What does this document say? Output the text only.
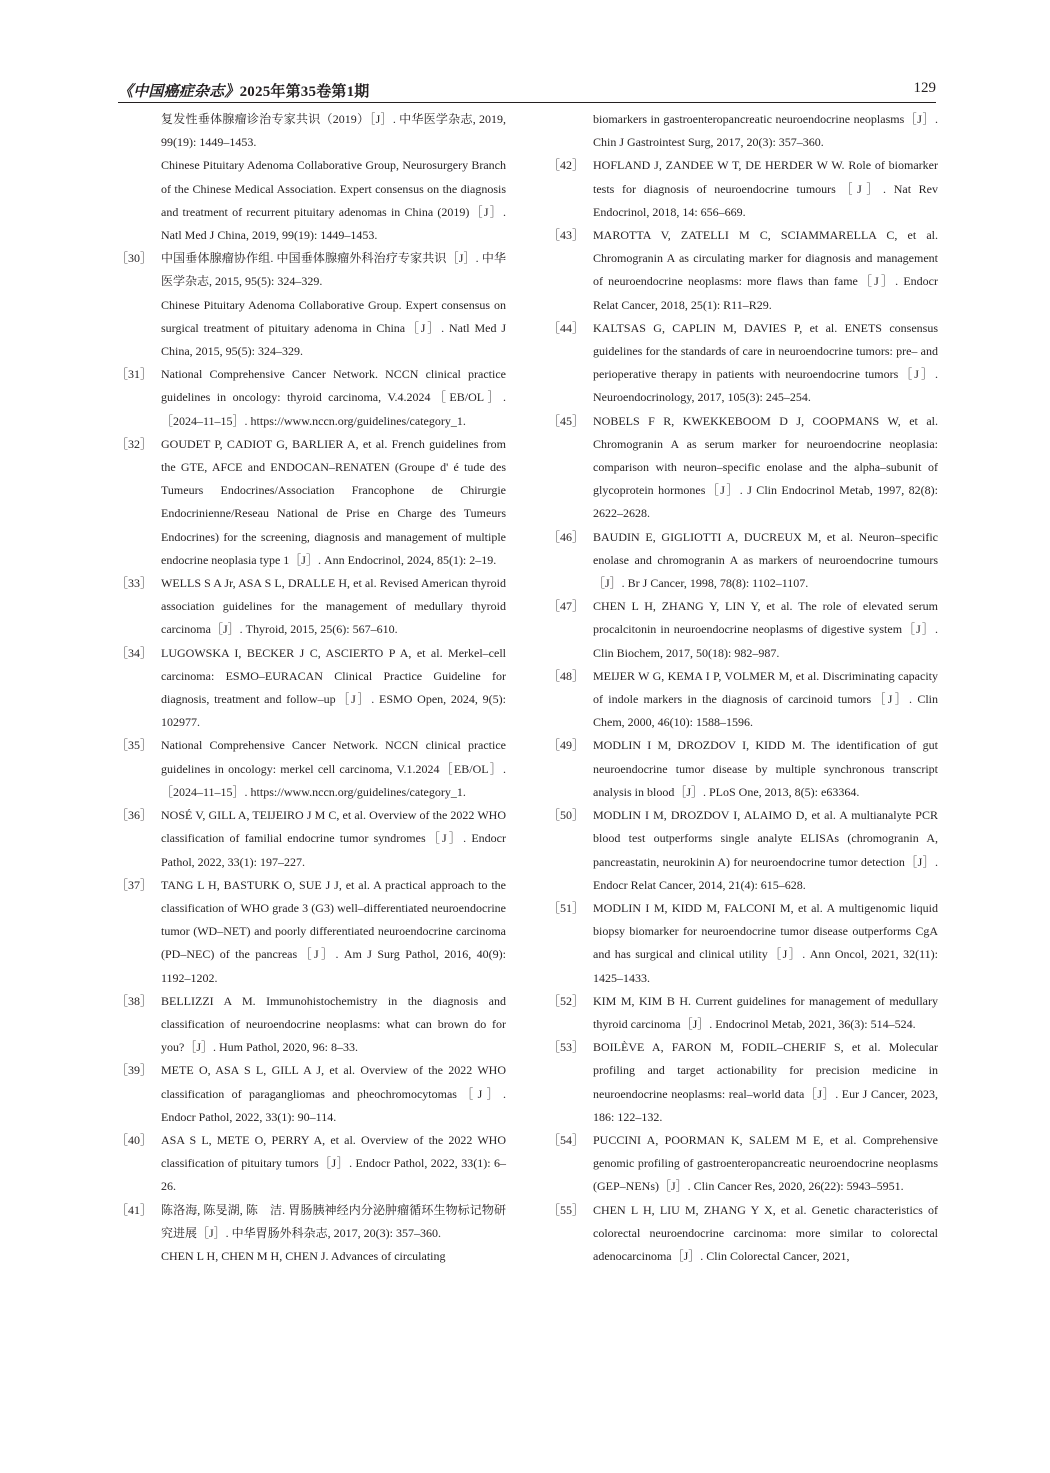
《中国癌症杂志》2025年第35卷第1期	129

复发性垂体腺瘤诊治专家共识（2019）［J］. 中华医学杂志, 2019, 99(19): 1449–1453.

Chinese Pituitary Adenoma Collaborative Group, Neurosurgery Branch of the Chinese Medical Association. Expert consensus on the diagnosis and treatment of recurrent pituitary adenomas in China (2019)［J］. Natl Med J China, 2019, 99(19): 1449–1453.

［30］ 中国垂体腺瘤协作组. 中国垂体腺瘤外科治疗专家共识［J］. 中华医学杂志, 2015, 95(5): 324–329.

Chinese Pituitary Adenoma Collaborative Group. Expert consensus on surgical treatment of pituitary adenoma in China［J］. Natl Med J China, 2015, 95(5): 324–329.

［31］ National Comprehensive Cancer Network. NCCN clinical practice guidelines in oncology: thyroid carcinoma, V.4.2024［EB/OL］.［2024–11–15］. https://www.nccn.org/guidelines/category_1.

［32］ GOUDET P, CADIOT G, BARLIER A, et al. French guidelines from the GTE, AFCE and ENDOCAN–RENATEN (Groupe d' é tude des Tumeurs Endocrines/Association Francophone de Chirurgie Endocrinienne/Reseau National de Prise en Charge des Tumeurs Endocrines) for the screening, diagnosis and management of multiple endocrine neoplasia type 1［J］. Ann Endocrinol, 2024, 85(1): 2–19.

［33］ WELLS S A Jr, ASA S L, DRALLE H, et al. Revised American thyroid association guidelines for the management of medullary thyroid carcinoma［J］. Thyroid, 2015, 25(6): 567–610.

［34］ LUGOWSKA I, BECKER J C, ASCIERTO P A, et al. Merkel–cell carcinoma: ESMO–EURACAN Clinical Practice Guideline for diagnosis, treatment and follow–up［J］. ESMO Open, 2024, 9(5): 102977.

［35］ National Comprehensive Cancer Network. NCCN clinical practice guidelines in oncology: merkel cell carcinoma, V.1.2024［EB/OL］.［2024–11–15］. https://www.nccn.org/guidelines/category_1.

［36］ NOSÉ V, GILL A, TEIJEIRO J M C, et al. Overview of the 2022 WHO classification of familial endocrine tumor syndromes［J］. Endocr Pathol, 2022, 33(1): 197–227.

［37］ TANG L H, BASTURK O, SUE J J, et al. A practical approach to the classification of WHO grade 3 (G3) well–differentiated neuroendocrine tumor (WD–NET) and poorly differentiated neuroendocrine carcinoma (PD–NEC) of the pancreas［J］. Am J Surg Pathol, 2016, 40(9): 1192–1202.

［38］ BELLIZZI A M. Immunohistochemistry in the diagnosis and classification of neuroendocrine neoplasms: what can brown do for you?［J］. Hum Pathol, 2020, 96: 8–33.

［39］ METE O, ASA S L, GILL A J, et al. Overview of the 2022 WHO classification of paragangliomas and pheochromocytomas［J］. Endocr Pathol, 2022, 33(1): 90–114.

［40］ ASA S L, METE O, PERRY A, et al. Overview of the 2022 WHO classification of pituitary tumors［J］. Endocr Pathol, 2022, 33(1): 6–26.

［41］ 陈洛海, 陈旻湖, 陈　洁. 胃肠胰神经内分泌肿瘤循环生物标记物研究进展［J］. 中华胃肠外科杂志, 2017, 20(3): 357–360.

CHEN L H, CHEN M H, CHEN J. Advances of circulating

biomarkers in gastroenteropancreatic neuroendocrine neoplasms［J］. Chin J Gastrointest Surg, 2017, 20(3): 357–360.

［42］ HOFLAND J, ZANDEE W T, DE HERDER W W. Role of biomarker tests for diagnosis of neuroendocrine tumours［J］. Nat Rev Endocrinol, 2018, 14: 656–669.

［43］ MAROTTA V, ZATELLI M C, SCIAMMARELLA C, et al. Chromogranin A as circulating marker for diagnosis and management of neuroendocrine neoplasms: more flaws than fame［J］. Endocr Relat Cancer, 2018, 25(1): R11–R29.

［44］ KALTSAS G, CAPLIN M, DAVIES P, et al. ENETS consensus guidelines for the standards of care in neuroendocrine tumors: pre– and perioperative therapy in patients with neuroendocrine tumors［J］. Neuroendocrinology, 2017, 105(3): 245–254.

［45］ NOBELS F R, KWEKKEBOOM D J, COOPMANS W, et al. Chromogranin A as serum marker for neuroendocrine neoplasia: comparison with neuron–specific enolase and the alpha–subunit of glycoprotein hormones［J］. J Clin Endocrinol Metab, 1997, 82(8): 2622–2628.

［46］ BAUDIN E, GIGLIOTTI A, DUCREUX M, et al. Neuron–specific enolase and chromogranin A as markers of neuroendocrine tumours［J］. Br J Cancer, 1998, 78(8): 1102–1107.

［47］ CHEN L H, ZHANG Y, LIN Y, et al. The role of elevated serum procalcitonin in neuroendocrine neoplasms of digestive system［J］. Clin Biochem, 2017, 50(18): 982–987.

［48］ MEIJER W G, KEMA I P, VOLMER M, et al. Discriminating capacity of indole markers in the diagnosis of carcinoid tumors［J］. Clin Chem, 2000, 46(10): 1588–1596.

［49］ MODLIN I M, DROZDOV I, KIDD M. The identification of gut neuroendocrine tumor disease by multiple synchronous transcript analysis in blood［J］. PLoS One, 2013, 8(5): e63364.

［50］ MODLIN I M, DROZDOV I, ALAIMO D, et al. A multianalyte PCR blood test outperforms single analyte ELISAs (chromogranin A, pancreastatin, neurokinin A) for neuroendocrine tumor detection［J］. Endocr Relat Cancer, 2014, 21(4): 615–628.

［51］ MODLIN I M, KIDD M, FALCONI M, et al. A multigenomic liquid biopsy biomarker for neuroendocrine tumor disease outperforms CgA and has surgical and clinical utility［J］. Ann Oncol, 2021, 32(11): 1425–1433.

［52］ KIM M, KIM B H. Current guidelines for management of medullary thyroid carcinoma［J］. Endocrinol Metab, 2021, 36(3): 514–524.

［53］ BOILÈVE A, FARON M, FODIL–CHERIF S, et al. Molecular profiling and target actionability for precision medicine in neuroendocrine neoplasms: real–world data［J］. Eur J Cancer, 2023, 186: 122–132.

［54］ PUCCINI A, POORMAN K, SALEM M E, et al. Comprehensive genomic profiling of gastroenteropancreatic neuroendocrine neoplasms (GEP–NENs)［J］. Clin Cancer Res, 2020, 26(22): 5943–5951.

［55］ CHEN L H, LIU M, ZHANG Y X, et al. Genetic characteristics of colorectal neuroendocrine carcinoma: more similar to colorectal adenocarcinoma［J］. Clin Colorectal Cancer, 2021,
